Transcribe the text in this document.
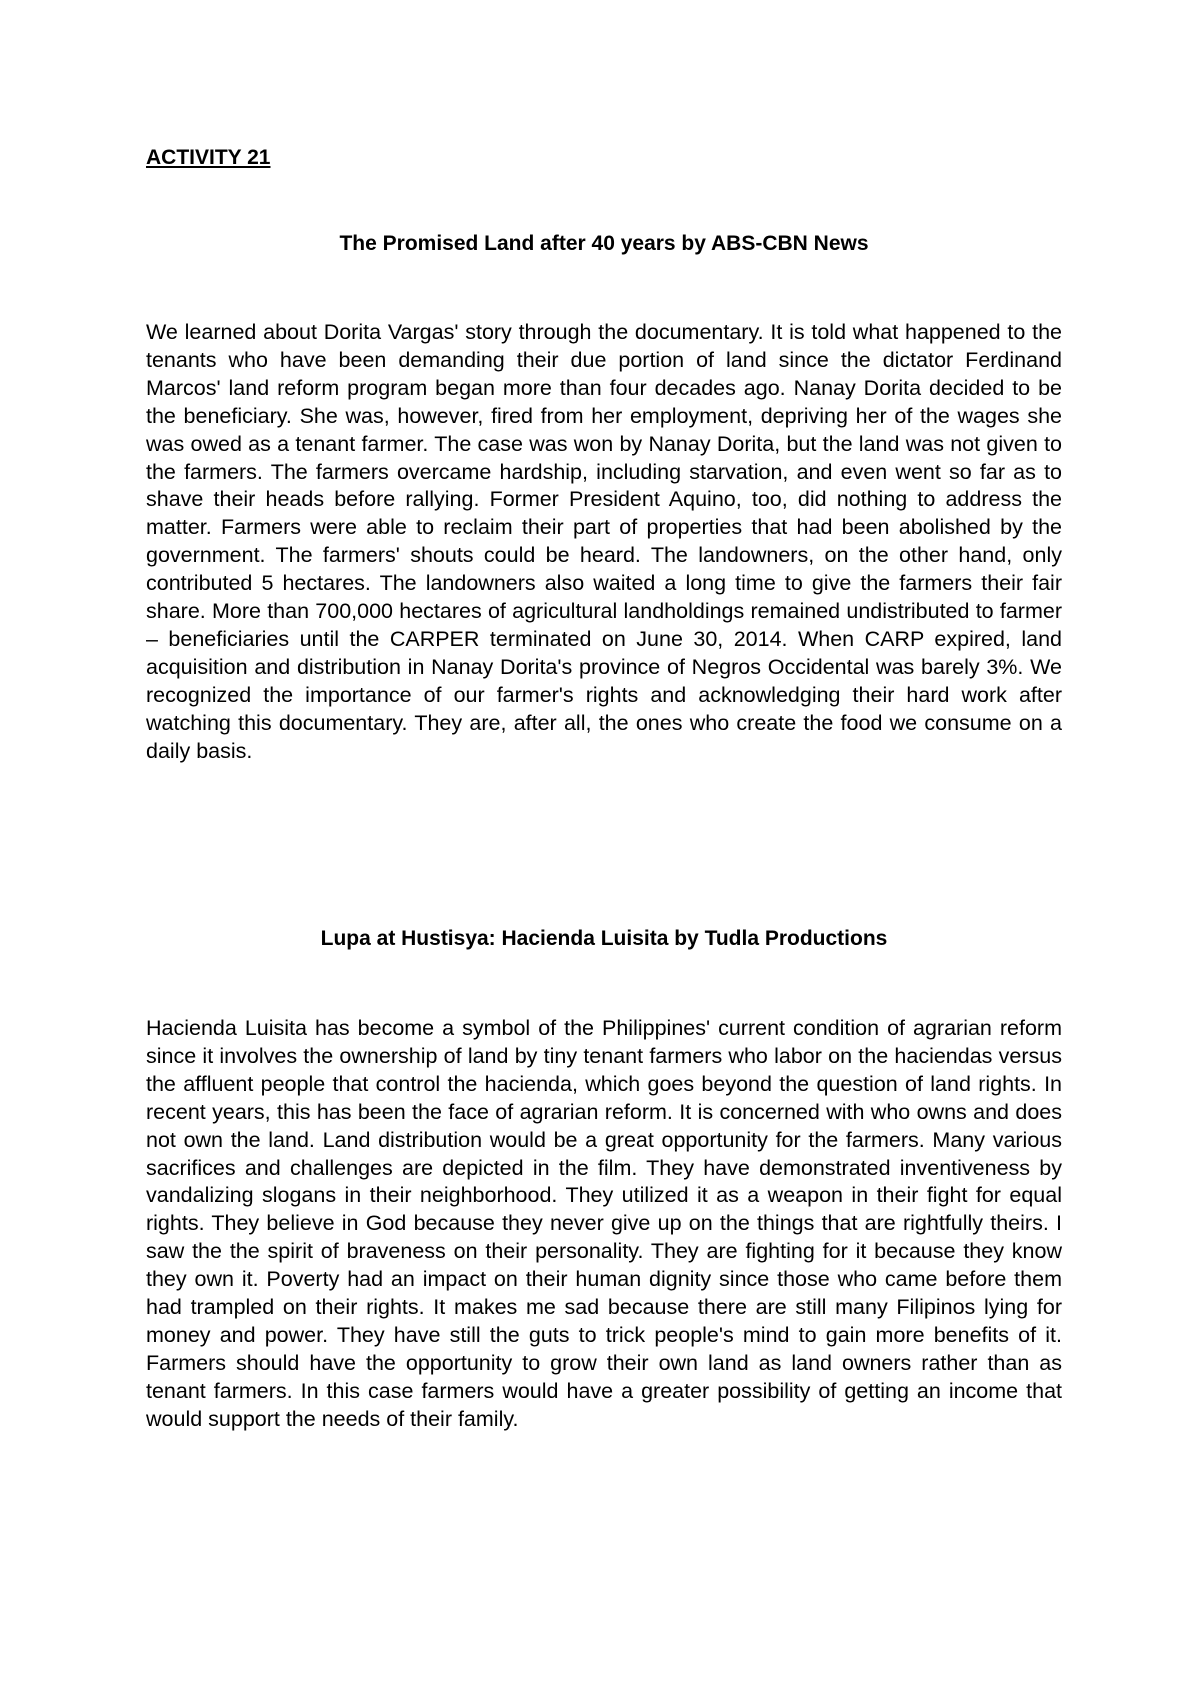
ACTIVITY 21
The Promised Land after 40 years by ABS-CBN News

We learned about Dorita Vargas' story through the documentary. It is told what happened to the tenants who have been demanding their due portion of land since the dictator Ferdinand Marcos' land reform program began more than four decades ago. Nanay Dorita decided to be the beneficiary. She was, however, fired from her employment, depriving her of the wages she was owed as a tenant farmer. The case was won by Nanay Dorita, but the land was not given to the farmers. The farmers overcame hardship, including starvation, and even went so far as to shave their heads before rallying. Former President Aquino, too, did nothing to address the matter. Farmers were able to reclaim their part of properties that had been abolished by the government. The farmers' shouts could be heard. The landowners, on the other hand, only contributed 5 hectares. The landowners also waited a long time to give the farmers their fair share. More than 700,000 hectares of agricultural landholdings remained undistributed to farmer – beneficiaries until the CARPER terminated on June 30, 2014. When CARP expired, land acquisition and distribution in Nanay Dorita's province of Negros Occidental was barely 3%. We recognized the importance of our farmer's rights and acknowledging their hard work after watching this documentary. They are, after all, the ones who create the food we consume on a daily basis.

Lupa at Hustisya: Hacienda Luisita by Tudla Productions

Hacienda Luisita has become a symbol of the Philippines' current condition of agrarian reform since it involves the ownership of land by tiny tenant farmers who labor on the haciendas versus the affluent people that control the hacienda, which goes beyond the question of land rights. In recent years, this has been the face of agrarian reform. It is concerned with who owns and does not own the land. Land distribution would be a great opportunity for the farmers. Many various sacrifices and challenges are depicted in the film. They have demonstrated inventiveness by vandalizing slogans in their neighborhood. They utilized it as a weapon in their fight for equal rights. They believe in God because they never give up on the things that are rightfully theirs. I saw the the spirit of braveness on their personality. They are fighting for it because they know they own it. Poverty had an impact on their human dignity since those who came before them had trampled on their rights. It makes me sad because there are still many Filipinos lying for money and power. They have still the guts to trick people's mind to gain more benefits of it. Farmers should have the opportunity to grow their own land as land owners rather than as tenant farmers. In this case farmers would have a greater possibility of getting an income that would support the needs of their family.
